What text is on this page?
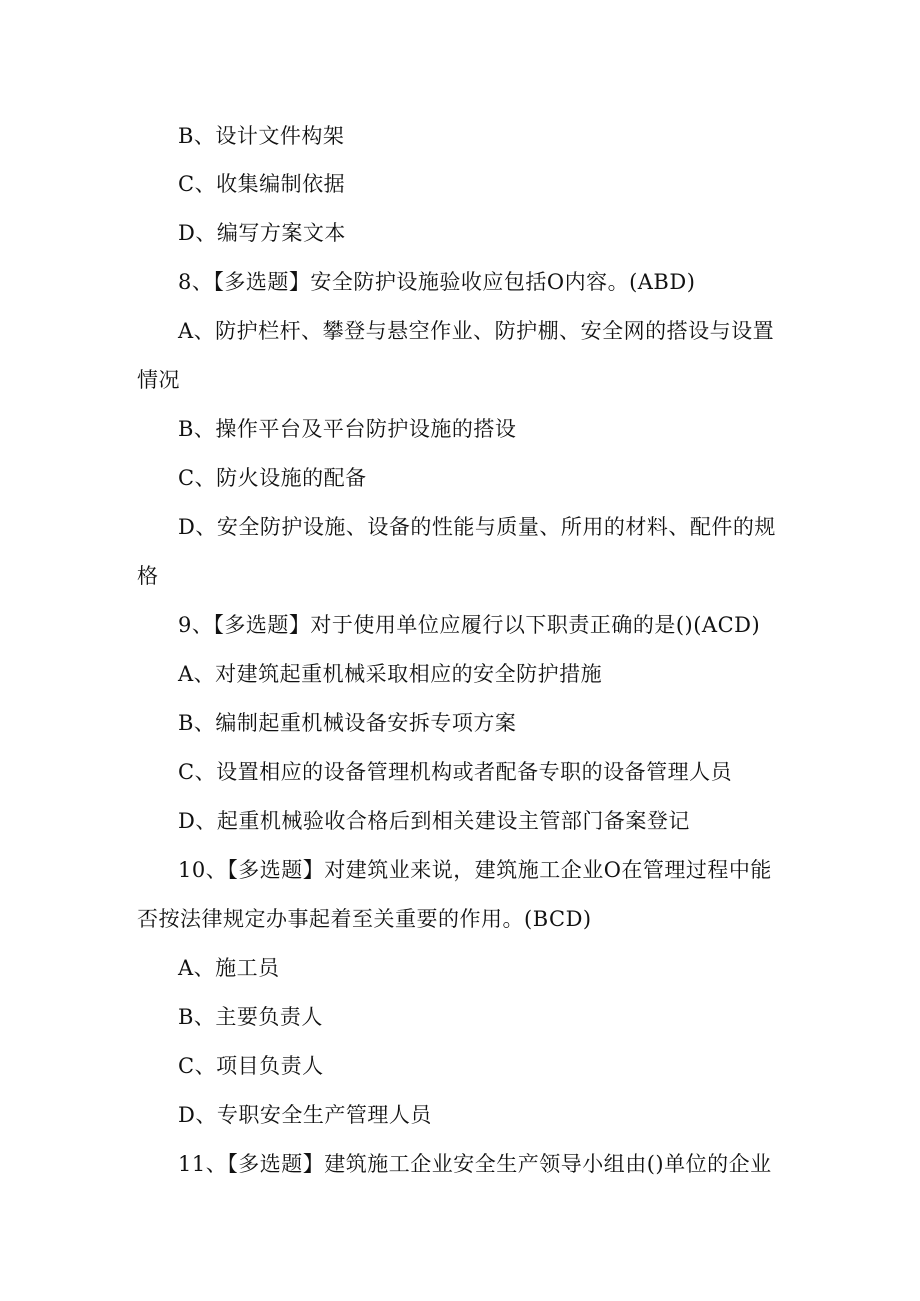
B、设计文件构架
C、收集编制依据
D、编写方案文本
8、【多选题】安全防护设施验收应包括O内容。(ABD)
A、防护栏杆、攀登与悬空作业、防护棚、安全网的搭设与设置
情况
B、操作平台及平台防护设施的搭设
C、防火设施的配备
D、安全防护设施、设备的性能与质量、所用的材料、配件的规
格
9、【多选题】对于使用单位应履行以下职责正确的是()(ACD)
A、对建筑起重机械采取相应的安全防护措施
B、编制起重机械设备安拆专项方案
C、设置相应的设备管理机构或者配备专职的设备管理人员
D、起重机械验收合格后到相关建设主管部门备案登记
10、【多选题】对建筑业来说，建筑施工企业O在管理过程中能
否按法律规定办事起着至关重要的作用。(BCD)
A、施工员
B、主要负责人
C、项目负责人
D、专职安全生产管理人员
11、【多选题】建筑施工企业安全生产领导小组由()单位的企业
